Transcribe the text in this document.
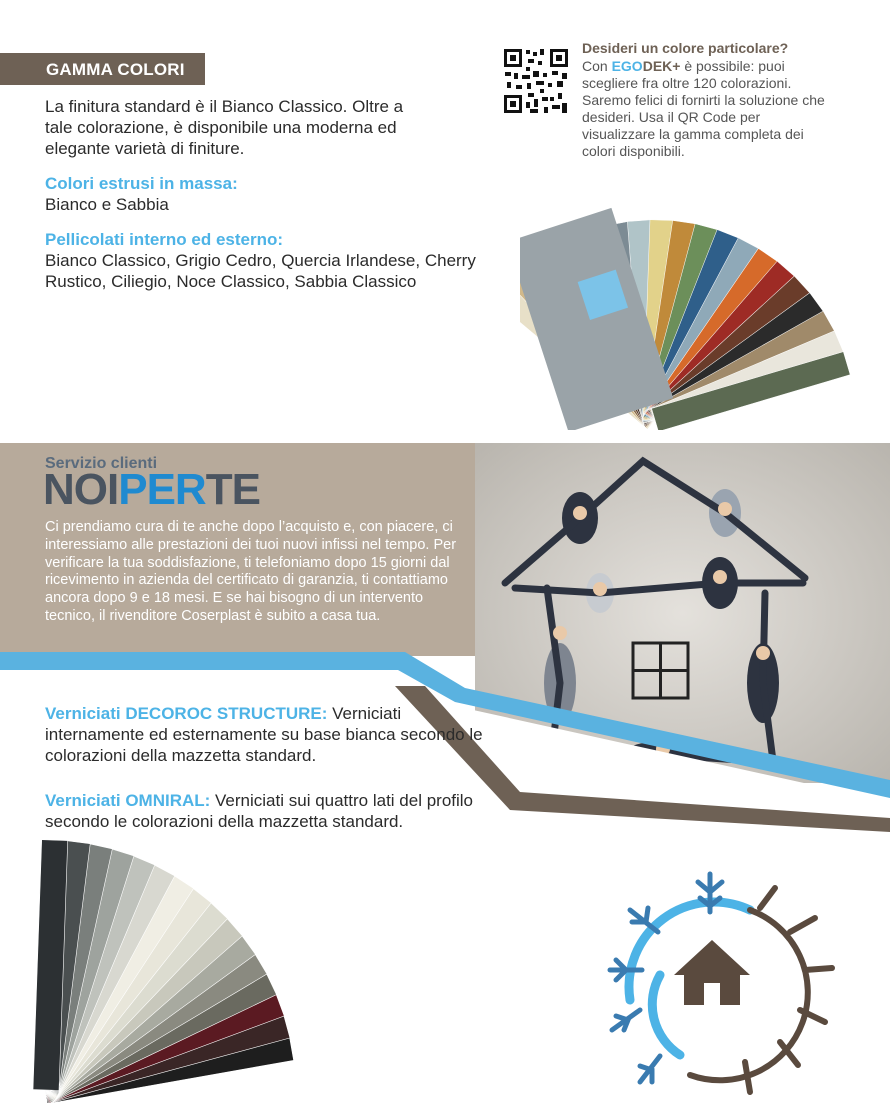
GAMMA COLORI
La finitura standard è il Bianco Classico. Oltre a tale colorazione, è disponibile una moderna ed elegante varietà di finiture.
Colori estrusi in massa:
Bianco e Sabbia
Pellicolati interno ed esterno:
Bianco Classico, Grigio Cedro, Quercia Irlandese, Cherry Rustico, Ciliegio, Noce Classico, Sabbia Classico
Desideri un colore particolare?
Con EGODEK+ è possibile: puoi scegliere fra oltre 120 colorazioni. Saremo felici di fornirti la soluzione che desideri. Usa il QR Code per visualizzare la gamma completa dei colori disponibili.
Servizio clienti
NOIPERTE
Ci prendiamo cura di te anche dopo l’acquisto e, con piacere, ci interessiamo alle prestazioni dei tuoi nuovi infissi nel tempo. Per verificare la tua soddisfazione, ti telefoniamo dopo 15 giorni dal ricevimento in azienda del certificato di garanzia, ti contattiamo ancora dopo 9 e 18 mesi. E se hai bisogno di un intervento tecnico, il rivenditore Coserplast è subito a casa tua.
Verniciati DECOROC STRUCTURE: Verniciati internamente ed esternamente su base bianca secondo le colorazioni della mazzetta standard.
Verniciati OMNIRAL: Verniciati sui quattro lati del profilo secondo le colorazioni della mazzetta standard.
